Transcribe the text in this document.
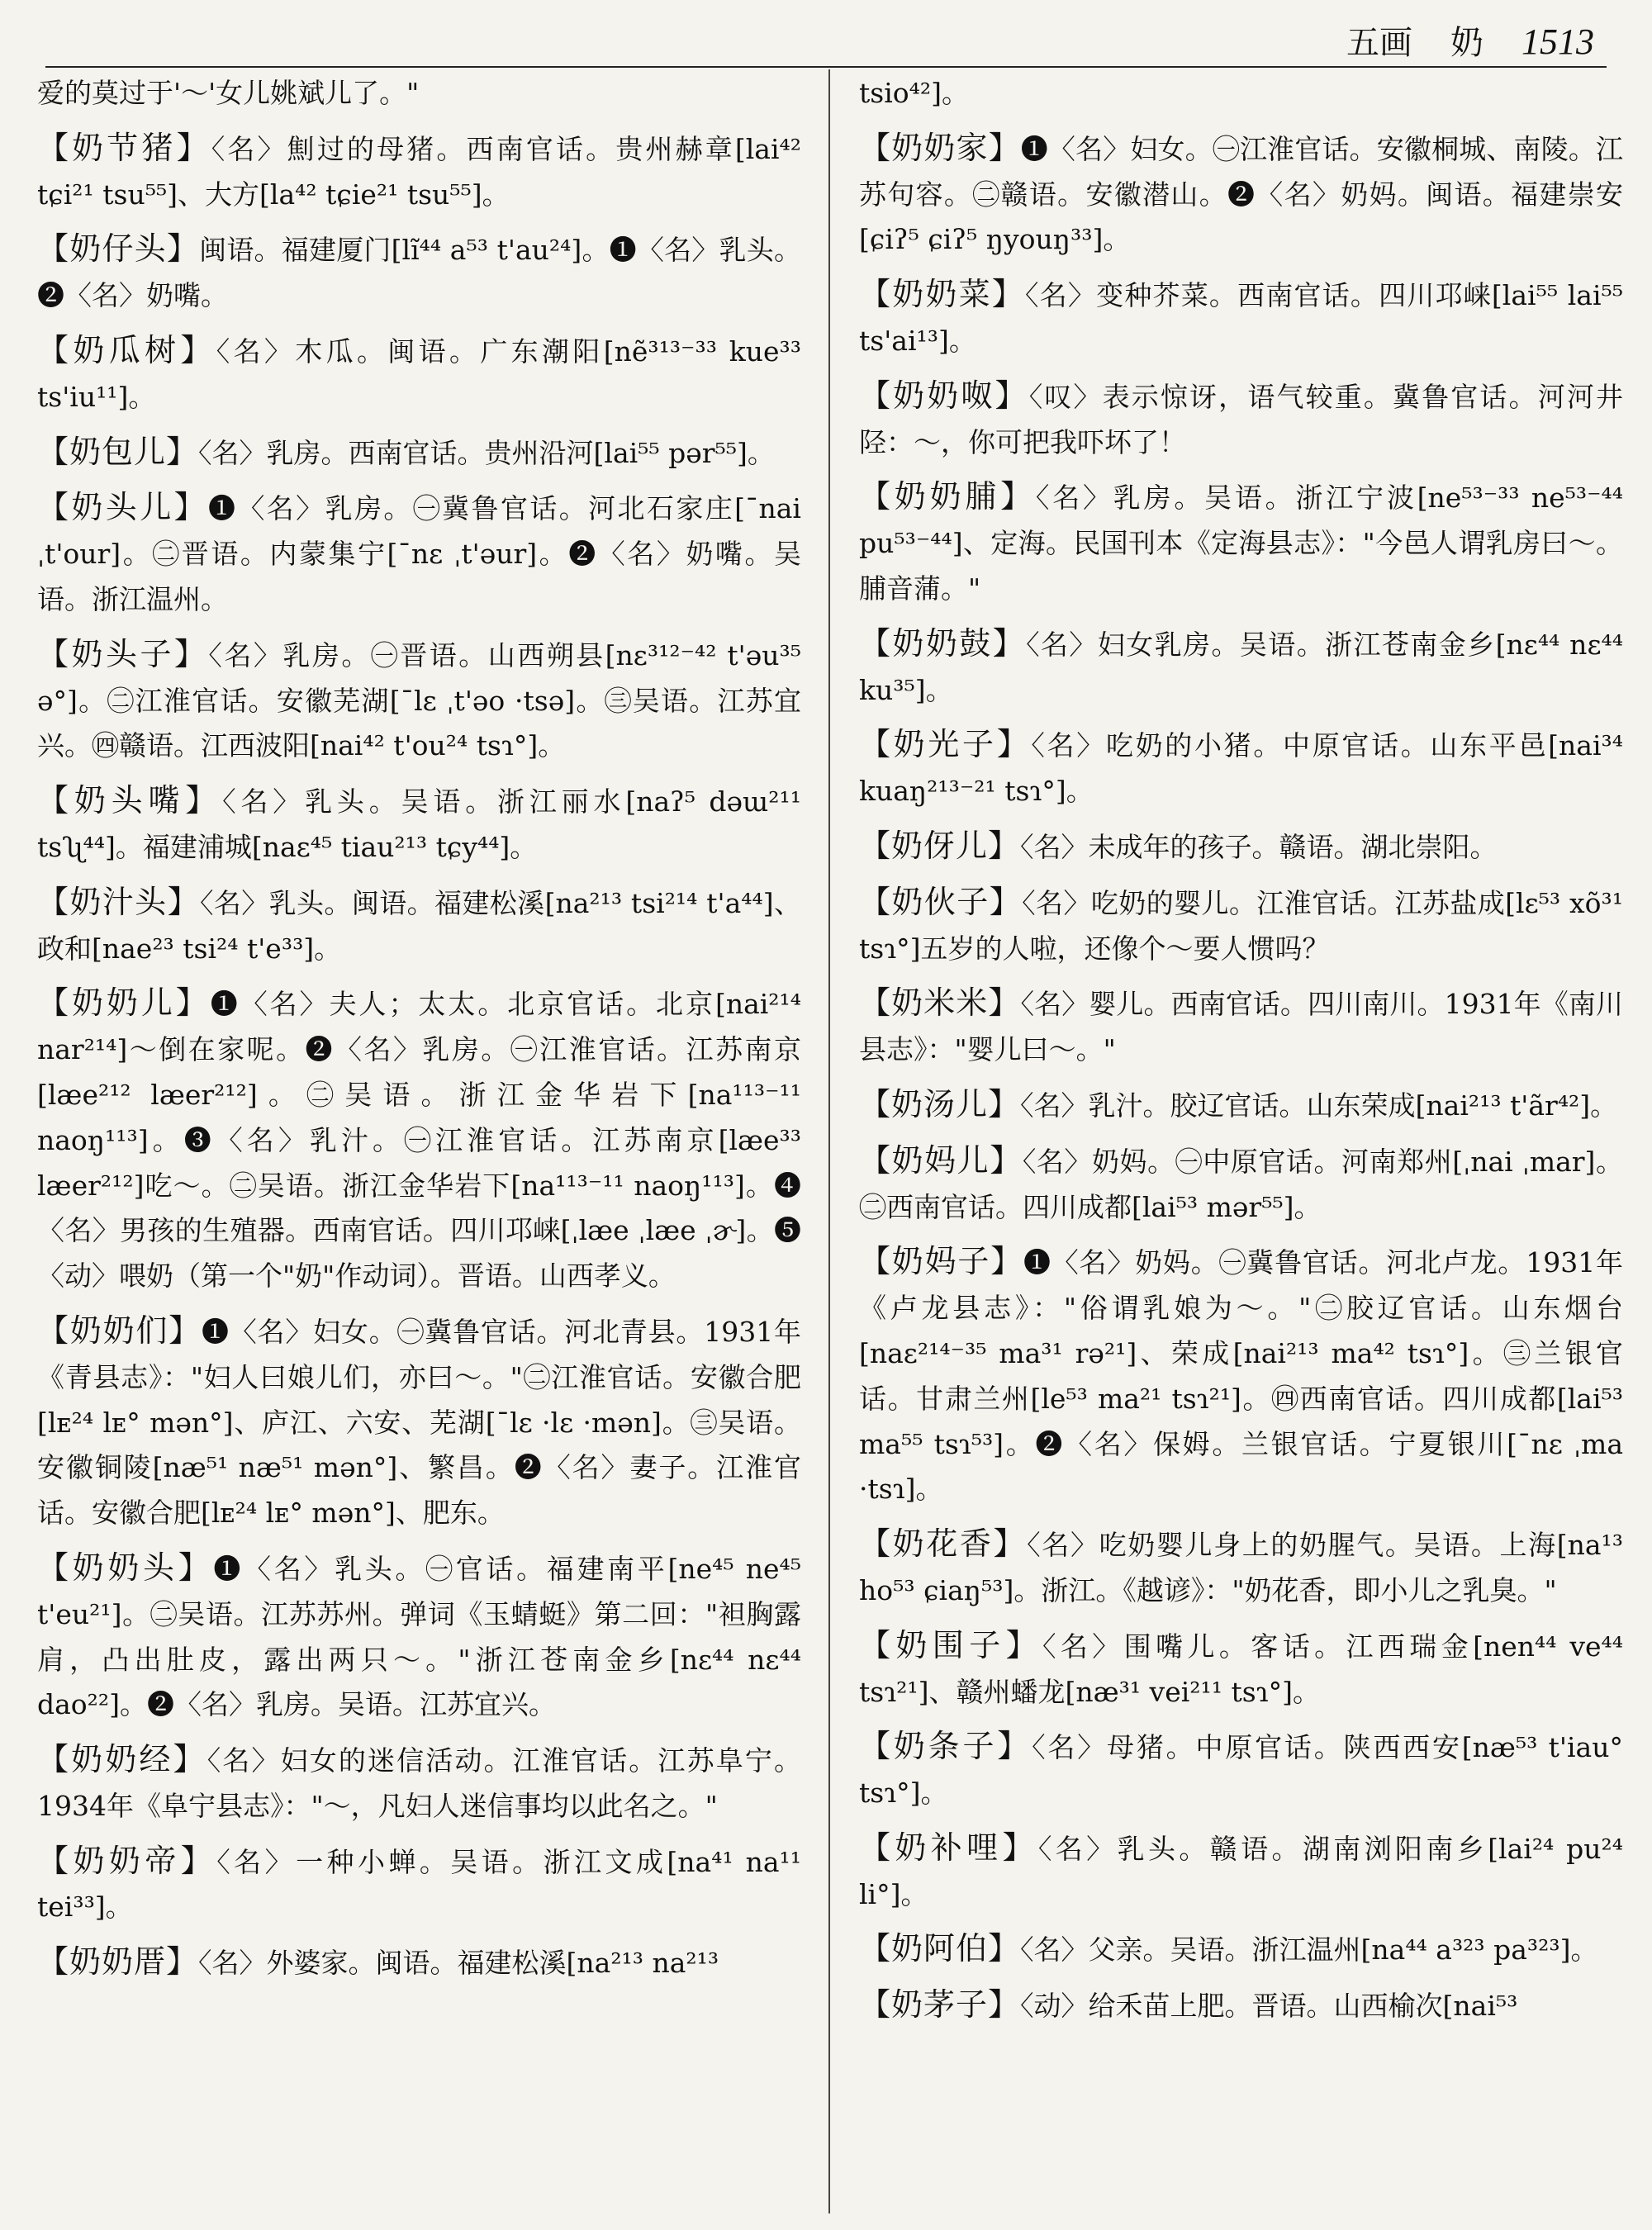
五画 奶 1513
爱的莫过于'～'女儿姚斌儿了。"
【奶节猪】〈名〉劁过的母猪。西南官话。贵州赫章[lai⁴² tɕi²¹ tsu⁵⁵]、大方[la⁴² tɕie²¹ tsu⁵⁵]。
【奶仔头】闽语。福建厦门[lĩ⁴⁴ a⁵³ t'au²⁴]。❶〈名〉乳头。❷〈名〉奶嘴。
【奶瓜树】〈名〉木瓜。闽语。广东潮阳[nẽ³¹³⁻³³ kue³³ ts'iu¹¹]。
【奶包儿】〈名〉乳房。西南官话。贵州沿河[lai⁵⁵ pər⁵⁵]。
【奶头儿】❶〈名〉乳房。㊀冀鲁官话。河北石家庄[ˉnai ˌt'our]。㊁晋语。内蒙集宁[ˉnɛ ˌt'əur]。❷〈名〉奶嘴。吴语。浙江温州。
【奶头子】〈名〉乳房。㊀晋语。山西朔县[nɛ³¹²⁻⁴² t'əu³⁵ ə°]。㊁江淮官话。安徽芜湖[ˉlɛ ˌt'əo ·tsə]。㊂吴语。江苏宜兴。㊃赣语。江西波阳[nai⁴² t'ou²⁴ tsɿ°]。
【奶头嘴】〈名〉乳头。吴语。浙江丽水[naʔ⁵ dəɯ²¹¹ tsʯ⁴⁴]。福建浦城[naɛ⁴⁵ tiau²¹³ tɕy⁴⁴]。
【奶汁头】〈名〉乳头。闽语。福建松溪[na²¹³ tsi²¹⁴ t'a⁴⁴]、政和[nae²³ tsi²⁴ t'e³³]。
【奶奶儿】❶〈名〉夫人；太太。北京官话。北京[nai²¹⁴ nar²¹⁴]～倒在家呢。❷〈名〉乳房。㊀江淮官话。江苏南京[læe²¹² læer²¹²]。㊁吴语。浙江金华岩下[na¹¹³⁻¹¹ naoŋ¹¹³]。❸〈名〉乳汁。㊀江淮官话。江苏南京[læe³³ læer²¹²]吃～。㊁吴语。浙江金华岩下[na¹¹³⁻¹¹ naoŋ¹¹³]。❹〈名〉男孩的生殖器。西南官话。四川邛崃[ˌlæe ˌlæe ˌɚ]。❺〈动〉喂奶（第一个"奶"作动词）。晋语。山西孝义。
【奶奶们】❶〈名〉妇女。㊀冀鲁官话。河北青县。1931年《青县志》："妇人曰娘儿们，亦曰～。"㊁江淮官话。安徽合肥[lᴇ²⁴ lᴇ° mən°]、庐江、六安、芜湖[ˉlɛ ·lɛ ·mən]。㊂吴语。安徽铜陵[næ⁵¹ næ⁵¹ mən°]、繁昌。❷〈名〉妻子。江淮官话。安徽合肥[lᴇ²⁴ lᴇ° mən°]、肥东。
【奶奶头】❶〈名〉乳头。㊀官话。福建南平[ne⁴⁵ ne⁴⁵ t'eu²¹]。㊁吴语。江苏苏州。弹词《玉蜻蜓》第二回："袒胸露肩，凸出肚皮，露出两只～。"浙江苍南金乡[nɛ⁴⁴ nɛ⁴⁴ dao²²]。❷〈名〉乳房。吴语。江苏宜兴。
【奶奶经】〈名〉妇女的迷信活动。江淮官话。江苏阜宁。1934年《阜宁县志》："～，凡妇人迷信事均以此名之。"
【奶奶帝】〈名〉一种小蝉。吴语。浙江文成[na⁴¹ na¹¹ tei³³]。
【奶奶厝】〈名〉外婆家。闽语。福建松溪[na²¹³ na²¹³
tsio⁴²]。
【奶奶家】❶〈名〉妇女。㊀江淮官话。安徽桐城、南陵。江苏句容。㊁赣语。安徽潜山。❷〈名〉奶妈。闽语。福建崇安[ɕiʔ⁵ ɕiʔ⁵ ŋyouŋ³³]。
【奶奶菜】〈名〉变种芥菜。西南官话。四川邛崃[lai⁵⁵ lai⁵⁵ ts'ai¹³]。
【奶奶呶】〈叹〉表示惊讶，语气较重。冀鲁官话。河河井陉：～，你可把我吓坏了！
【奶奶脯】〈名〉乳房。吴语。浙江宁波[ne⁵³⁻³³ ne⁵³⁻⁴⁴ pu⁵³⁻⁴⁴]、定海。民国刊本《定海县志》："今邑人谓乳房曰～。脯音蒲。"
【奶奶鼓】〈名〉妇女乳房。吴语。浙江苍南金乡[nɛ⁴⁴ nɛ⁴⁴ ku³⁵]。
【奶光子】〈名〉吃奶的小猪。中原官话。山东平邑[nai³⁴ kuaŋ²¹³⁻²¹ tsɿ°]。
【奶伢儿】〈名〉未成年的孩子。赣语。湖北崇阳。
【奶伙子】〈名〉吃奶的婴儿。江淮官话。江苏盐成[lɛ⁵³ xõ³¹ tsɿ°]五岁的人啦，还像个～要人惯吗？
【奶米米】〈名〉婴儿。西南官话。四川南川。1931年《南川县志》："婴儿曰～。"
【奶汤儿】〈名〉乳汁。胶辽官话。山东荣成[nai²¹³ t'ãr⁴²]。
【奶妈儿】〈名〉奶妈。㊀中原官话。河南郑州[ˌnai ˌmar]。㊁西南官话。四川成都[lai⁵³ mər⁵⁵]。
【奶妈子】❶〈名〉奶妈。㊀冀鲁官话。河北卢龙。1931年《卢龙县志》："俗谓乳娘为～。"㊁胶辽官话。山东烟台[naɛ²¹⁴⁻³⁵ ma³¹ rə²¹]、荣成[nai²¹³ ma⁴² tsɿ°]。㊂兰银官话。甘肃兰州[le⁵³ ma²¹ tsɿ²¹]。㊃西南官话。四川成都[lai⁵³ ma⁵⁵ tsɿ⁵³]。❷〈名〉保姆。兰银官话。宁夏银川[ˉnɛ ˌma ·tsɿ]。
【奶花香】〈名〉吃奶婴儿身上的奶腥气。吴语。上海[na¹³ ho⁵³ ɕiaŋ⁵³]。浙江。《越谚》："奶花香，即小儿之乳臭。"
【奶围子】〈名〉围嘴儿。客话。江西瑞金[nen⁴⁴ ve⁴⁴ tsɿ²¹]、赣州蟠龙[næ³¹ vei²¹¹ tsɿ°]。
【奶条子】〈名〉母猪。中原官话。陕西西安[næ⁵³ t'iau° tsɿ°]。
【奶补哩】〈名〉乳头。赣语。湖南浏阳南乡[lai²⁴ pu²⁴ li°]。
【奶阿伯】〈名〉父亲。吴语。浙江温州[na⁴⁴ a³²³ pa³²³]。
【奶茅子】〈动〉给禾苗上肥。晋语。山西榆次[nai⁵³
